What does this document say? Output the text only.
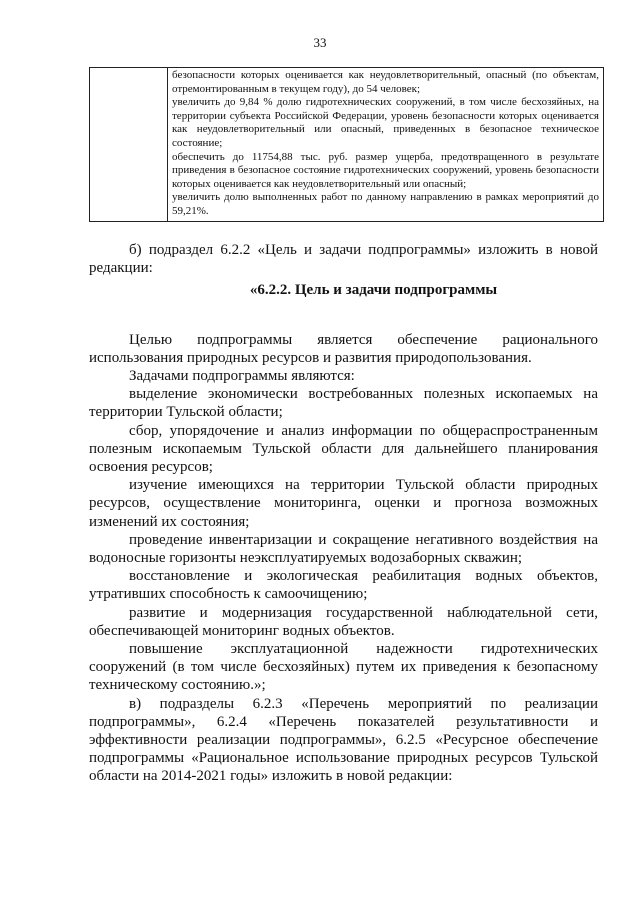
33

безопасности которых оценивается как неудовлетворительный, опасный (по объектам, отремонтированным в текущем году), до 54 человек;
увеличить до 9,84 % долю гидротехнических сооружений, в том числе бесхозяйных, на территории субъекта Российской Федерации, уровень безопасности которых оценивается как неудовлетворительный или опасный, приведенных в безопасное техническое состояние;
обеспечить до 11754,88 тыс. руб. размер ущерба, предотвращенного в результате приведения в безопасное состояние гидротехнических сооружений, уровень безопасности которых оценивается как неудовлетворительный или опасный;
увеличить долю выполненных работ по данному направлению в рамках мероприятий до 59,21%.

б) подраздел 6.2.2 «Цель и задачи подпрограммы» изложить в новой редакции:

«6.2.2. Цель и задачи подпрограммы

Целью подпрограммы является обеспечение рационального использования природных ресурсов и развития природопользования.

Задачами подпрограммы являются:

выделение экономически востребованных полезных ископаемых на территории Тульской области;

сбор, упорядочение и анализ информации по общераспространенным полезным ископаемым Тульской области для дальнейшего планирования освоения ресурсов;

изучение имеющихся на территории Тульской области природных ресурсов, осуществление мониторинга, оценки и прогноза возможных изменений их состояния;

проведение инвентаризации и сокращение негативного воздействия на водоносные горизонты неэксплуатируемых водозаборных скважин;

восстановление и экологическая реабилитация водных объектов, утративших способность к самоочищению;

развитие и модернизация государственной наблюдательной сети, обеспечивающей мониторинг водных объектов.

повышение эксплуатационной надежности гидротехнических сооружений (в том числе бесхозяйных) путем их приведения к безопасному техническому состоянию.»;

в) подразделы 6.2.3 «Перечень мероприятий по реализации подпрограммы», 6.2.4 «Перечень показателей результативности и эффективности реализации подпрограммы», 6.2.5 «Ресурсное обеспечение подпрограммы «Рациональное использование природных ресурсов Тульской области на 2014-2021 годы» изложить в новой редакции:
